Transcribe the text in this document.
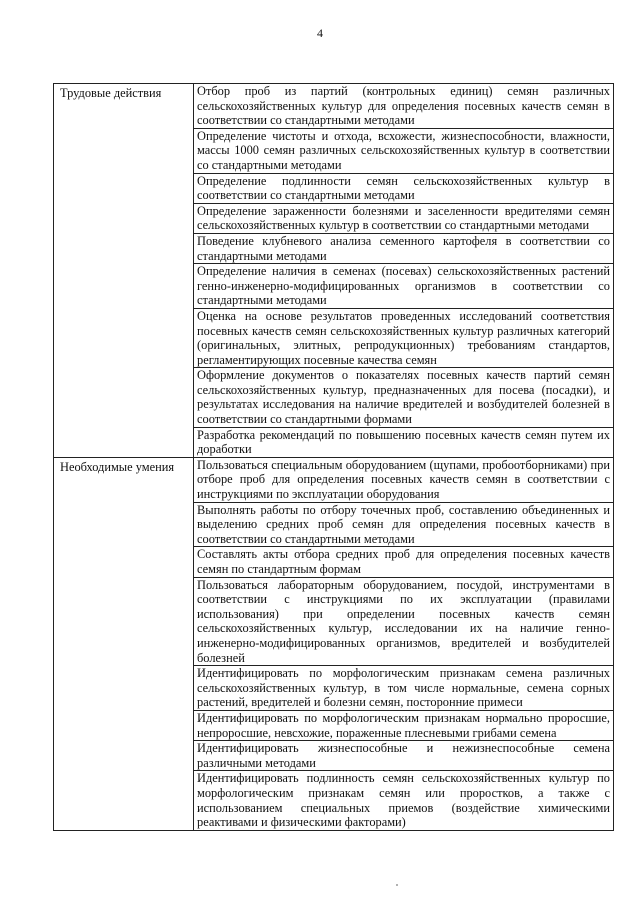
4
Трудовые действия	Отбор проб из партий (контрольных единиц) семян различных сельскохозяйственных культур для определения посевных качеств семян в соответствии со стандартными методами
	Определение чистоты и отхода, всхожести, жизнеспособности, влажности, массы 1000 семян различных сельскохозяйственных культур в соответствии со стандартными методами
	Определение подлинности семян сельскохозяйственных культур в соответствии со стандартными методами
	Определение зараженности болезнями и заселенности вредителями семян сельскохозяйственных культур в соответствии со стандартными методами
	Поведение клубневого анализа семенного картофеля в соответствии со стандартными методами
	Определение наличия в семенах (посевах) сельскохозяйственных растений генно-инженерно-модифицированных организмов в соответствии со стандартными методами
	Оценка на основе результатов проведенных исследований соответствия посевных качеств семян сельскохозяйственных культур различных категорий (оригинальных, элитных, репродукционных) требованиям стандартов, регламентирующих посевные качества семян
	Оформление документов о показателях посевных качеств партий семян сельскохозяйственных культур, предназначенных для посева (посадки), и результатах исследования на наличие вредителей и возбудителей болезней в соответствии со стандартными формами
	Разработка рекомендаций по повышению посевных качеств семян путем их доработки
Необходимые умения	Пользоваться специальным оборудованием (щупами, пробоотборниками) при отборе проб для определения посевных качеств семян в соответствии с инструкциями по эксплуатации оборудования
	Выполнять работы по отбору точечных проб, составлению объединенных и выделению средних проб семян для определения посевных качеств в соответствии со стандартными методами
	Составлять акты отбора средних проб для определения посевных качеств семян по стандартным формам
	Пользоваться лабораторным оборудованием, посудой, инструментами в соответствии с инструкциями по их эксплуатации (правилами использования) при определении посевных качеств семян сельскохозяйственных культур, исследовании их на наличие генно-инженерно-модифицированных организмов, вредителей и возбудителей болезней
	Идентифицировать по морфологическим признакам семена различных сельскохозяйственных культур, в том числе нормальные, семена сорных растений, вредителей и болезни семян, посторонние примеси
	Идентифицировать по морфологическим признакам нормально проросшие, непроросшие, невсхожие, пораженные плесневыми грибами семена
	Идентифицировать жизнеспособные и нежизнеспособные семена различными методами
	Идентифицировать подлинность семян сельскохозяйственных культур по морфологическим признакам семян или проростков, а также с использованием специальных приемов (воздействие химическими реактивами и физическими факторами)
